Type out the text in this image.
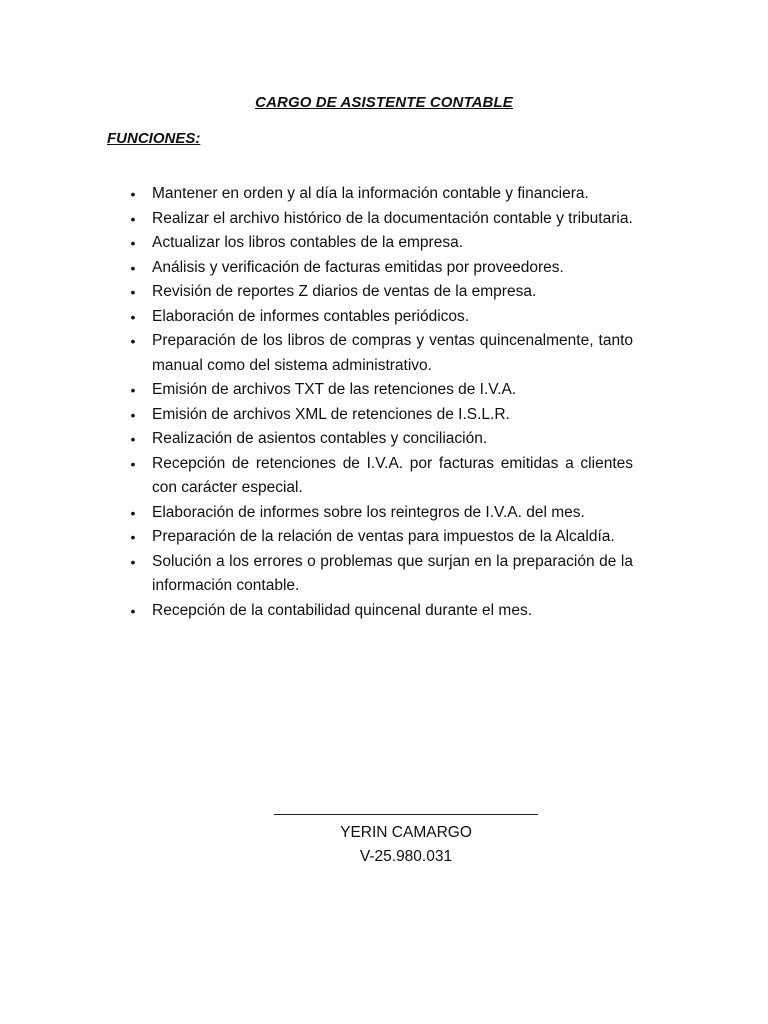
CARGO DE ASISTENTE CONTABLE
FUNCIONES:
• Mantener en orden y al día la información contable y financiera.
• Realizar el archivo histórico de la documentación contable y tributaria.
• Actualizar los libros contables de la empresa.
• Análisis y verificación de facturas emitidas por proveedores.
• Revisión de reportes Z diarios de ventas de la empresa.
• Elaboración de informes contables periódicos.
• Preparación de los libros de compras y ventas quincenalmente, tanto manual como del sistema administrativo.
• Emisión de archivos TXT de las retenciones de I.V.A.
• Emisión de archivos XML de retenciones de I.S.L.R.
• Realización de asientos contables y conciliación.
• Recepción de retenciones de I.V.A. por facturas emitidas a clientes con carácter especial.
• Elaboración de informes sobre los reintegros de I.V.A. del mes.
• Preparación de la relación de ventas para impuestos de la Alcaldía.
• Solución a los errores o problemas que surjan en la preparación de la información contable.
• Recepción de la contabilidad quincenal durante el mes.
YERIN CAMARGO
V-25.980.031
